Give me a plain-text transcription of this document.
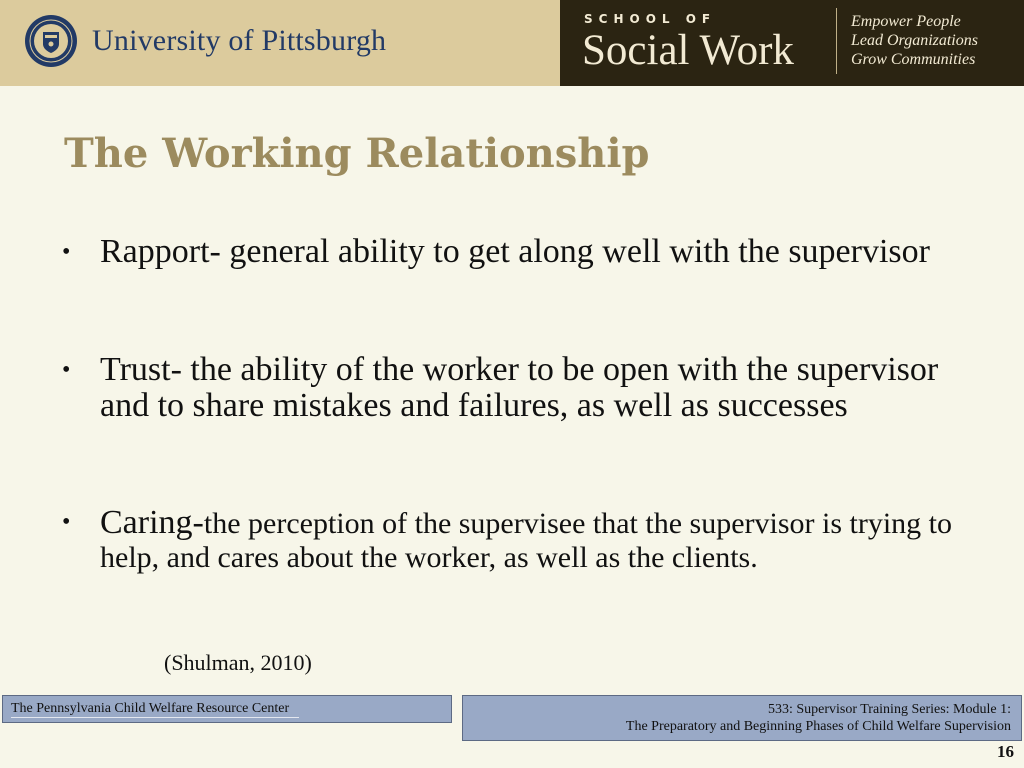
University of Pittsburgh
SCHOOL OF
Social Work
Empower People
Lead Organizations
Grow Communities
The Working Relationship
• Rapport- general ability to get along well with the supervisor
• Trust- the ability of the worker to be open with the supervisor and to share mistakes and failures, as well as successes
• Caring-the perception of the supervisee that the supervisor is trying to help, and cares about the worker, as well as the clients.
(Shulman, 2010)
The Pennsylvania Child Welfare Resource Center	533: Supervisor Training Series: Module 1:
The Preparatory and Beginning Phases of Child Welfare Supervision
16
